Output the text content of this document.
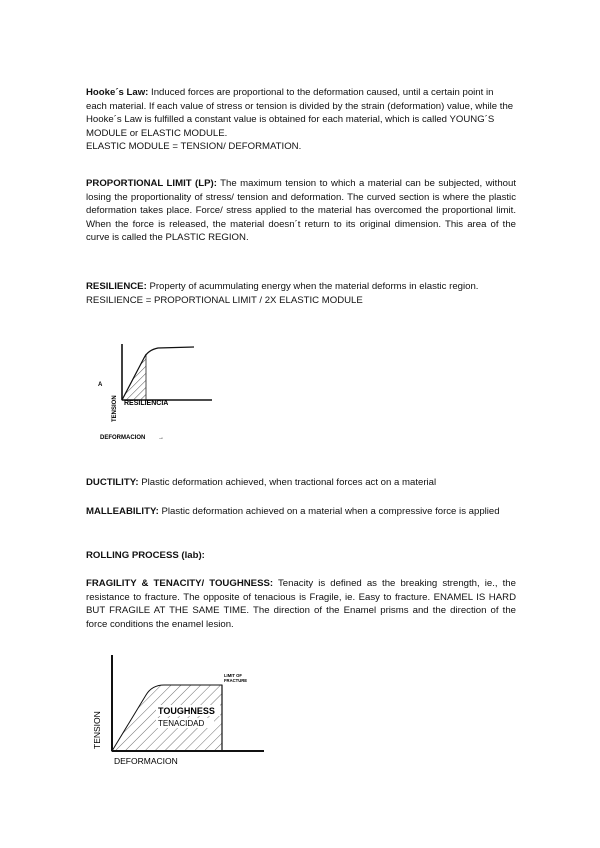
Hooke´s Law: Induced forces are proportional to the deformation caused, until a certain point in each material. If each value of stress or tension is divided by the strain (deformation) value, while the Hooke´s Law is fulfilled a constant value is obtained for each material, which is called YOUNG´S MODULE or ELASTIC MODULE.
ELASTIC MODULE = TENSION/ DEFORMATION.
PROPORTIONAL LIMIT (LP): The maximum tension to which a material can be subjected, without losing the proportionality of stress/ tension and deformation. The curved section is where the plastic deformation takes place. Force/ stress applied to the material has overcomed the proportional limit. When the force is released, the material doesn´t return to its original dimension. This area of the curve is called the PLASTIC REGION.
RESILIENCE: Property of acummulating energy when the material deforms in elastic region.
RESILIENCE = PROPORTIONAL LIMIT / 2X ELASTIC MODULE
A
TENSION RESILIENCIA
DEFORMACION →
DUCTILITY: Plastic deformation achieved, when tractional forces act on a material
MALLEABILITY: Plastic deformation achieved on a material when a compressive force is applied
ROLLING PROCESS (lab):
FRAGILITY & TENACITY/ TOUGHNESS: Tenacity is defined as the breaking strength, ie., the resistance to fracture. The opposite of tenacious is Fragile, ie. Easy to fracture. ENAMEL IS HARD BUT FRAGILE AT THE SAME TIME. The direction of the Enamel prisms and the direction of the force conditions the enamel lesion.
TOUGHNESS
TENACIDAD
LIMIT OF
FRACTURE
TENSION
DEFORMACION
